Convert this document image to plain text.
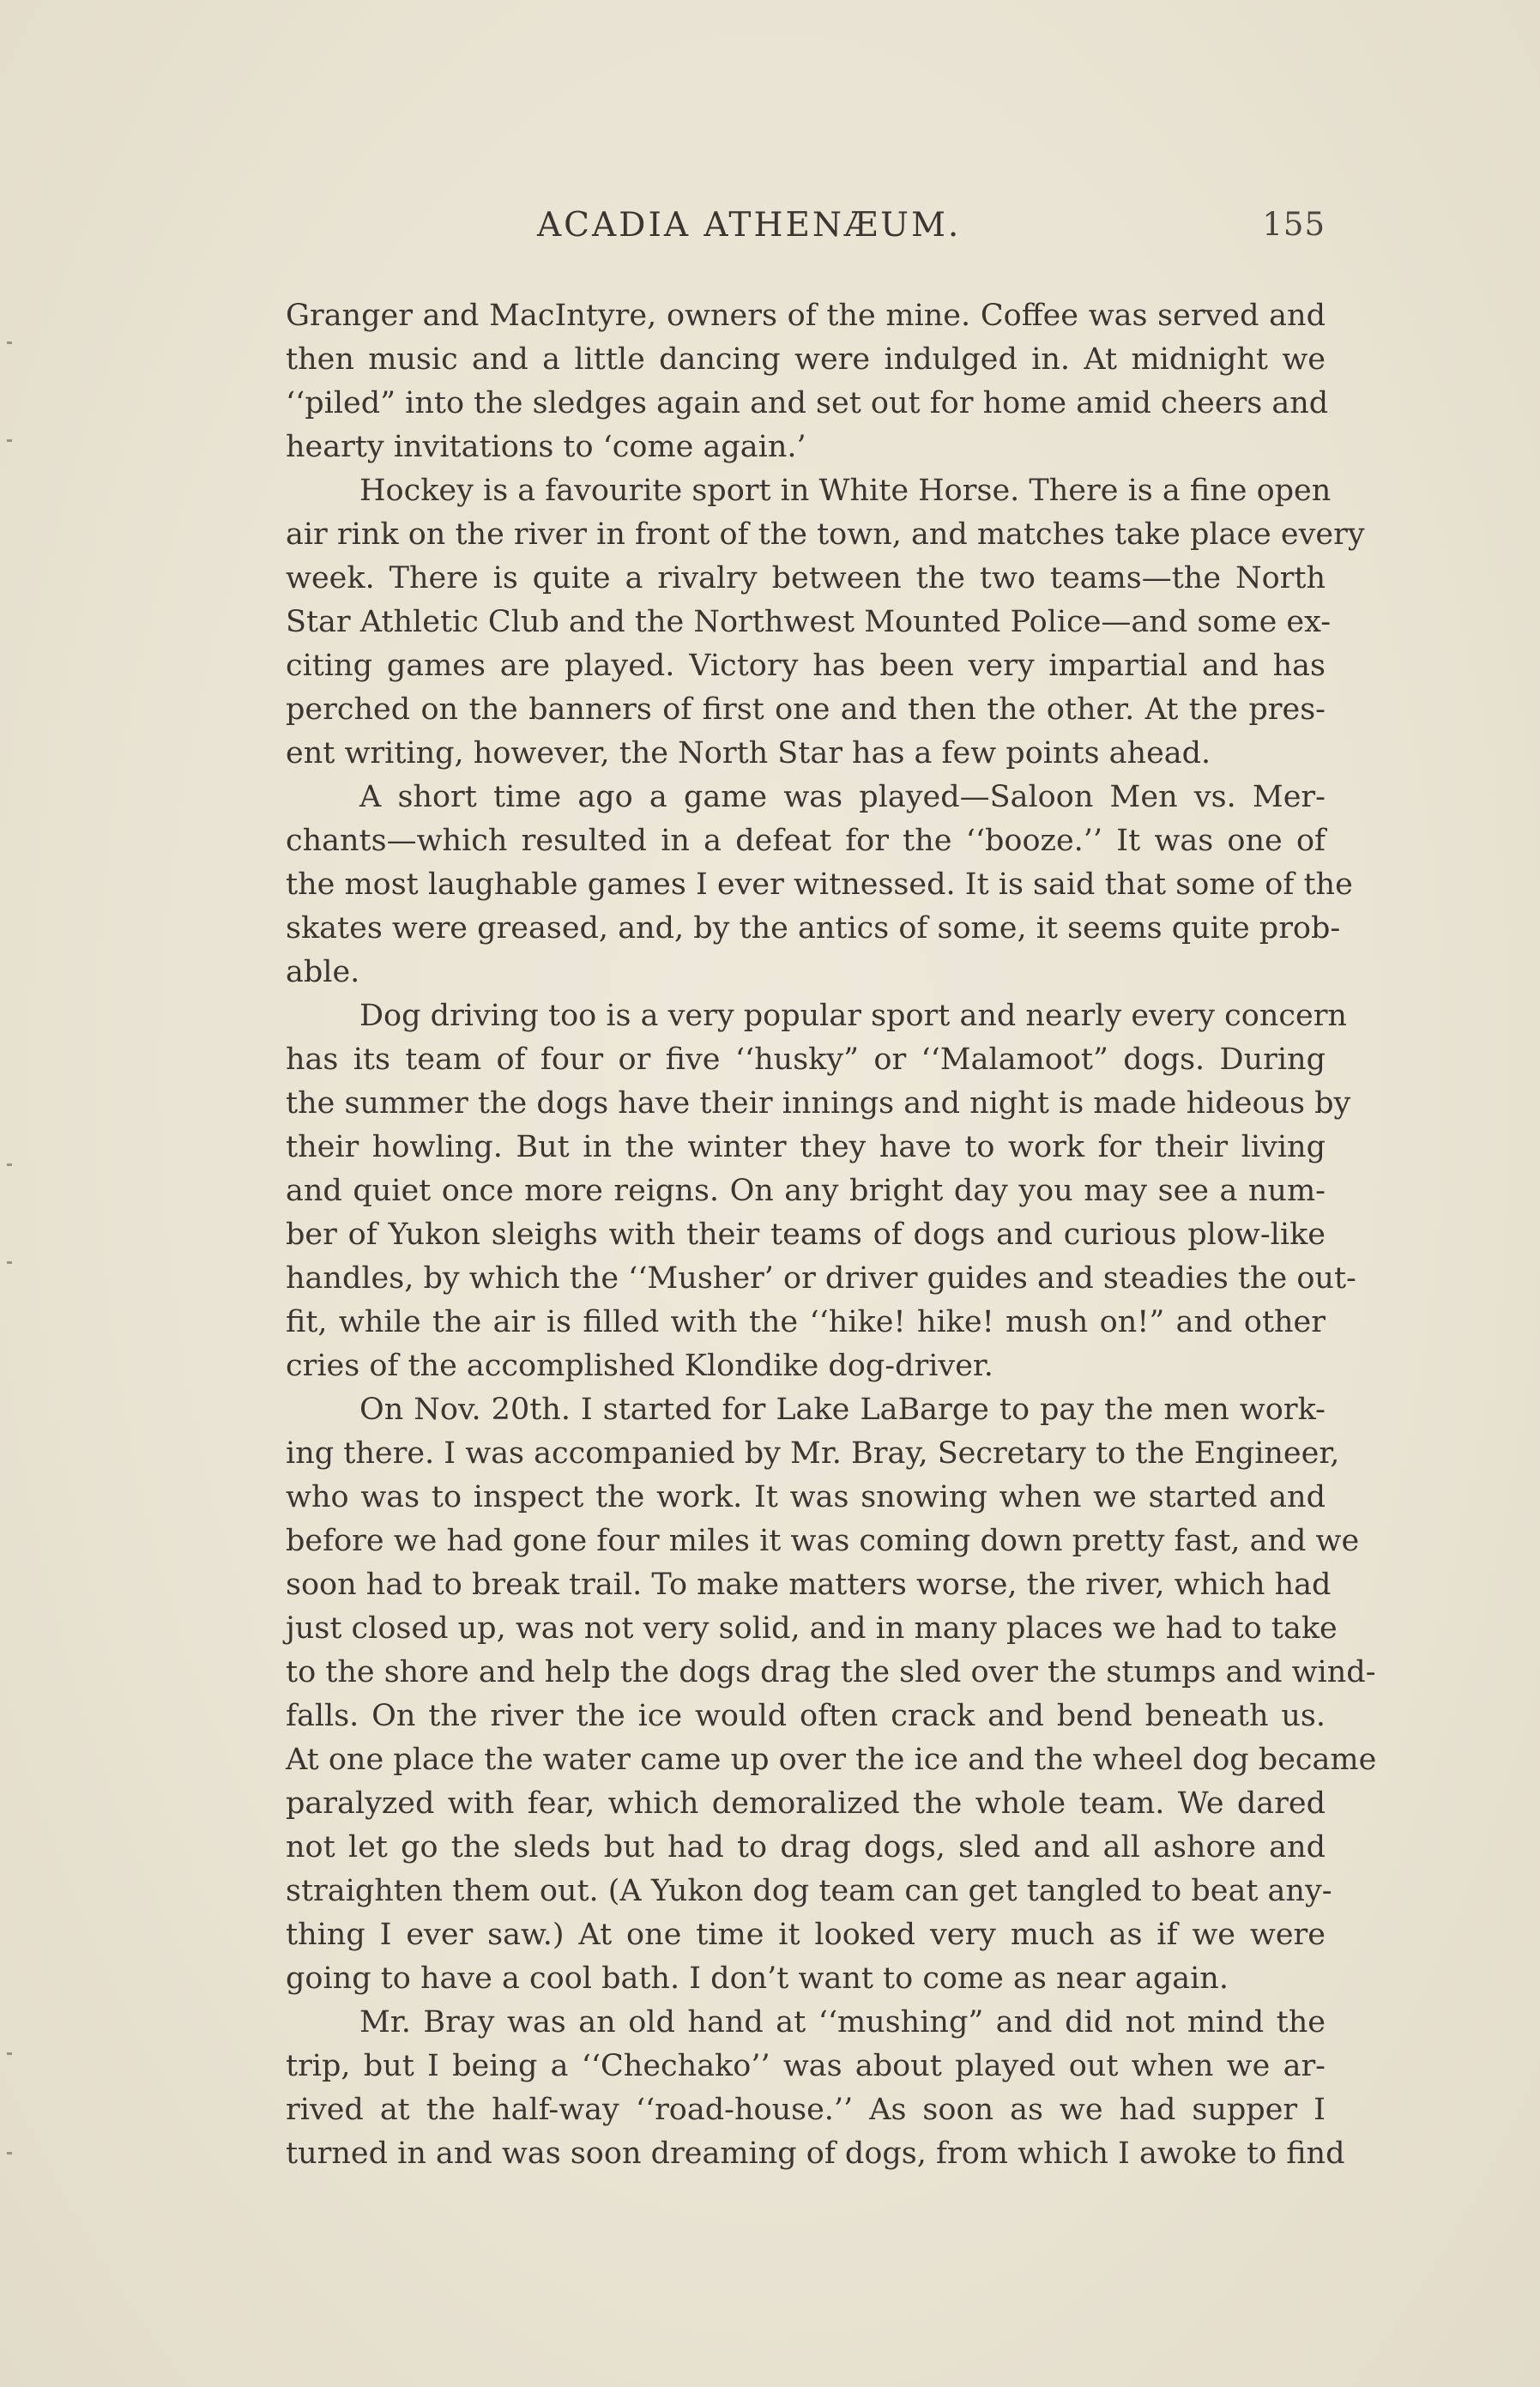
ACADIA ATHENÆUM.	155
Granger and MacIntyre, owners of the mine. Coffee was served and
then music and a little dancing were indulged in. At midnight we
‘‘piled” into the sledges again and set out for home amid cheers and
hearty invitations to ‘come again.’
Hockey is a favourite sport in White Horse. There is a fine open
air rink on the river in front of the town, and matches take place every
week. There is quite a rivalry between the two teams—the North
Star Athletic Club and the Northwest Mounted Police—and some ex-
citing games are played. Victory has been very impartial and has
perched on the banners of first one and then the other. At the pres-
ent writing, however, the North Star has a few points ahead.
A short time ago a game was played—Saloon Men vs. Mer-
chants—which resulted in a defeat for the ‘‘booze.’’ It was one of
the most laughable games I ever witnessed. It is said that some of the
skates were greased, and, by the antics of some, it seems quite prob-
able.
Dog driving too is a very popular sport and nearly every concern
has its team of four or five ‘‘husky” or ‘‘Malamoot” dogs. During
the summer the dogs have their innings and night is made hideous by
their howling. But in the winter they have to work for their living
and quiet once more reigns. On any bright day you may see a num-
ber of Yukon sleighs with their teams of dogs and curious plow-like
handles, by which the ‘‘Musher’ or driver guides and steadies the out-
fit, while the air is filled with the ‘‘hike! hike! mush on!” and other
cries of the accomplished Klondike dog-driver.
On Nov. 20th. I started for Lake LaBarge to pay the men work-
ing there. I was accompanied by Mr. Bray, Secretary to the Engineer,
who was to inspect the work. It was snowing when we started and
before we had gone four miles it was coming down pretty fast, and we
soon had to break trail. To make matters worse, the river, which had
just closed up, was not very solid, and in many places we had to take
to the shore and help the dogs drag the sled over the stumps and wind-
falls. On the river the ice would often crack and bend beneath us.
At one place the water came up over the ice and the wheel dog became
paralyzed with fear, which demoralized the whole team. We dared
not let go the sleds but had to drag dogs, sled and all ashore and
straighten them out. (A Yukon dog team can get tangled to beat any-
thing I ever saw.) At one time it looked very much as if we were
going to have a cool bath. I don’t want to come as near again.
Mr. Bray was an old hand at ‘‘mushing” and did not mind the
trip, but I being a ‘‘Chechako’’ was about played out when we ar-
rived at the half-way ‘‘road-house.’’ As soon as we had supper I
turned in and was soon dreaming of dogs, from which I awoke to find
